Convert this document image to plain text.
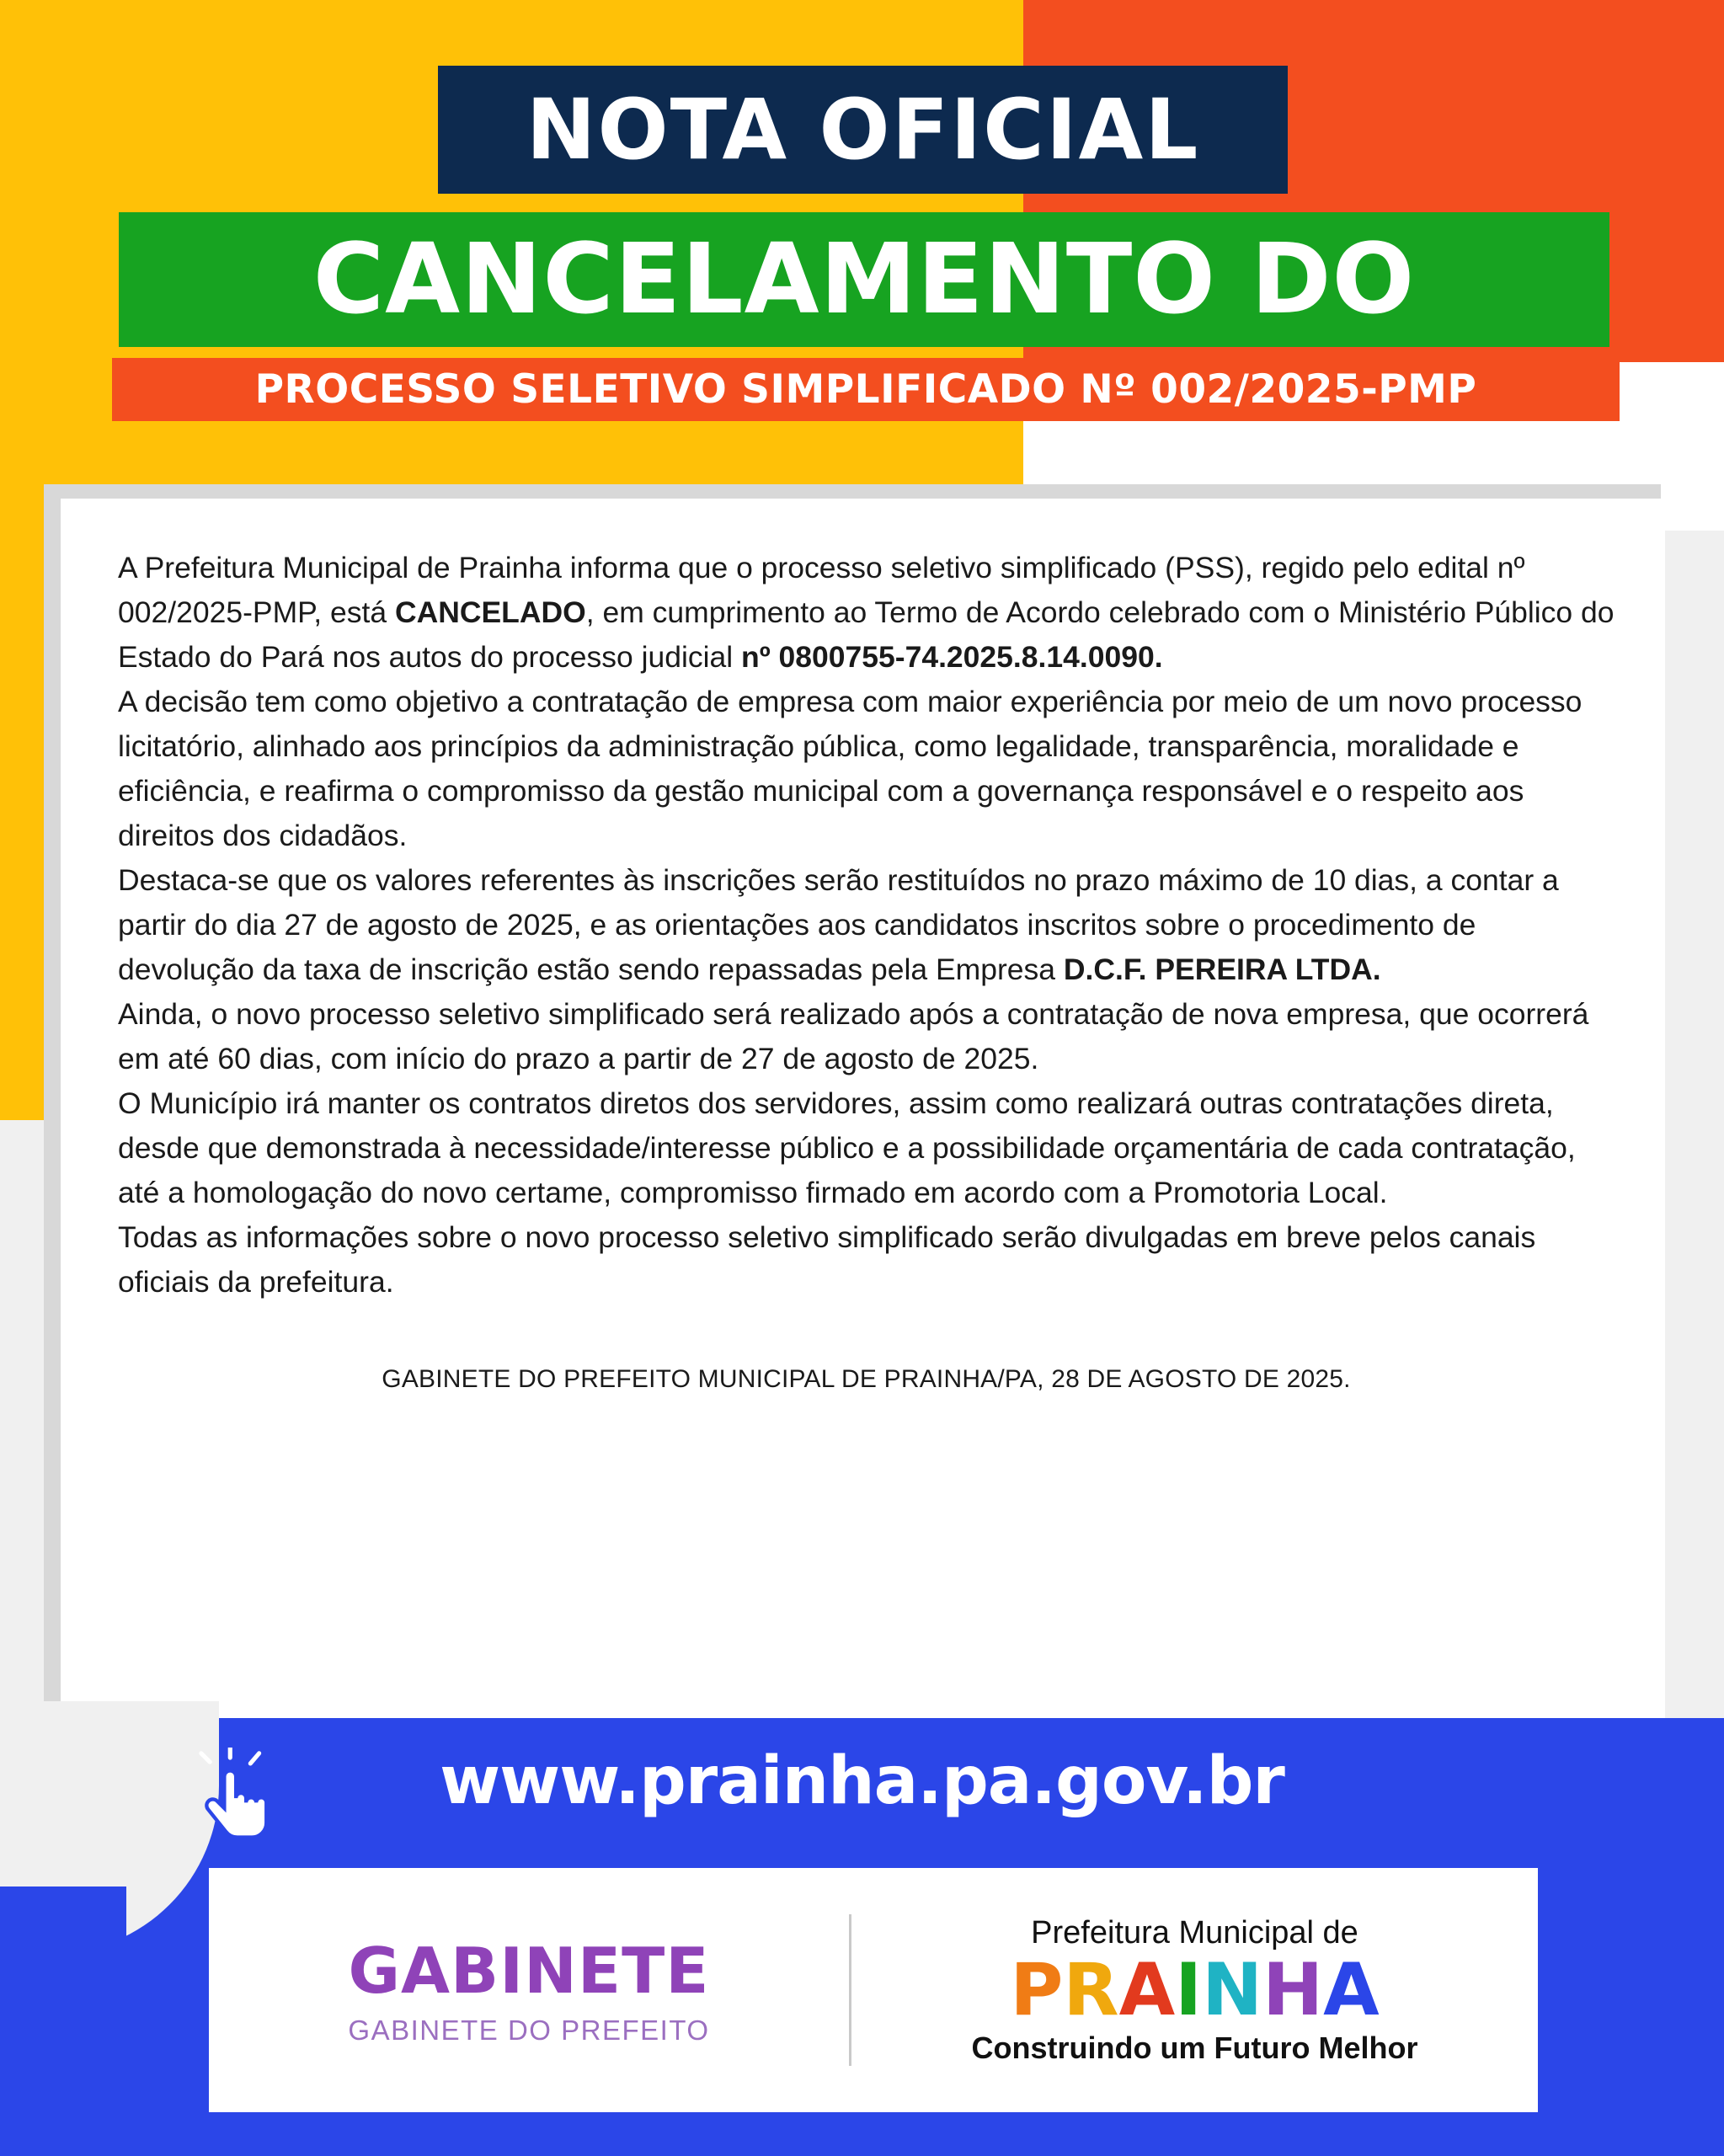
NOTA OFICIAL
CANCELAMENTO DO
PROCESSO SELETIVO SIMPLIFICADO Nº 002/2025-PMP

A Prefeitura Municipal de Prainha informa que o processo seletivo simplificado (PSS), regido pelo edital nº 002/2025-PMP, está CANCELADO, em cumprimento ao Termo de Acordo celebrado com o Ministério Público do Estado do Pará nos autos do processo judicial nº 0800755-74.2025.8.14.0090.

A decisão tem como objetivo a contratação de empresa com maior experiência por meio de um novo processo licitatório, alinhado aos princípios da administração pública, como legalidade, transparência, moralidade e eficiência, e reafirma o compromisso da gestão municipal com a governança responsável e o respeito aos direitos dos cidadãos.

Destaca-se que os valores referentes às inscrições serão restituídos no prazo máximo de 10 dias, a contar a partir do dia 27 de agosto de 2025, e as orientações aos candidatos inscritos sobre o procedimento de devolução da taxa de inscrição estão sendo repassadas pela Empresa D.C.F. PEREIRA LTDA.

Ainda, o novo processo seletivo simplificado será realizado após a contratação de nova empresa, que ocorrerá em até 60 dias, com início do prazo a partir de 27 de agosto de 2025.

O Município irá manter os contratos diretos dos servidores, assim como realizará outras contratações direta, desde que demonstrada à necessidade/interesse público e a possibilidade orçamentária de cada contratação, até a homologação do novo certame, compromisso firmado em acordo com a Promotoria Local.

Todas as informações sobre o novo processo seletivo simplificado serão divulgadas em breve pelos canais oficiais da prefeitura.

GABINETE DO PREFEITO MUNICIPAL DE PRAINHA/PA, 28 DE AGOSTO DE 2025.
www.prainha.pa.gov.br
GABINETE
GABINETE DO PREFEITO
Prefeitura Municipal de
PRAINHA
Construindo um Futuro Melhor
